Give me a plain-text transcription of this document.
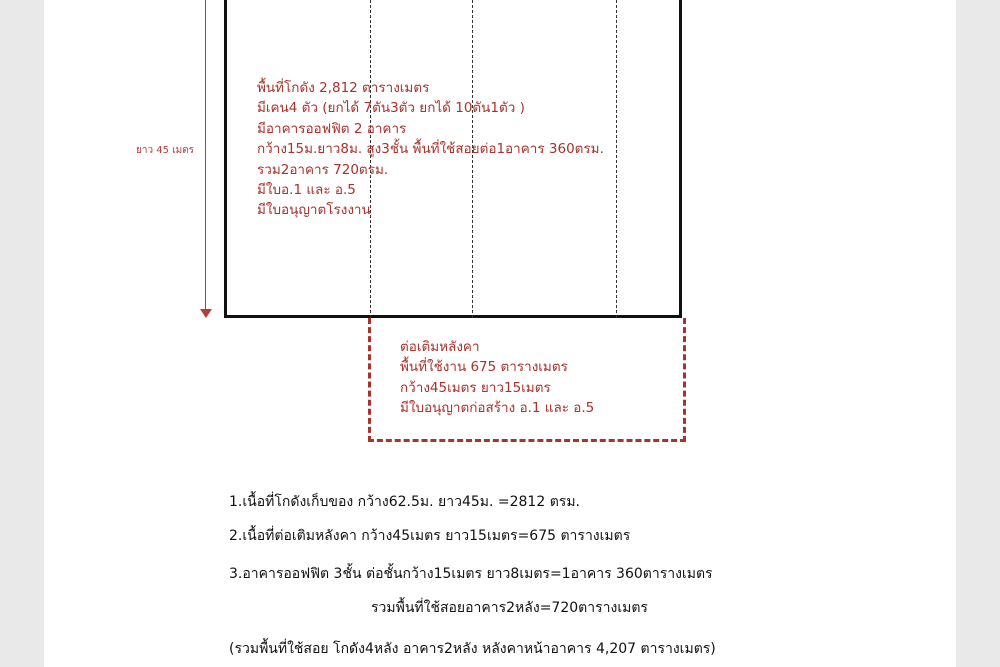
ยาว 45 เมตร
พื้นที่โกดัง 2,812 ตารางเมตร
มีเคน4 ตัว (ยกได้ 7ตัน3ตัว ยกได้ 10ตัน1ตัว )
มีอาคารออฟฟิต 2 อาคาร
กว้าง15ม.ยาว8ม. สูง3ชั้น พื้นที่ใช้สอยต่อ1อาคาร 360ตรม.
รวม2อาคาร 720ตรม.
มีใบอ.1 และ อ.5
มีใบอนุญาตโรงงาน
ต่อเติมหลังคา
พื้นที่ใช้งาน 675 ตารางเมตร
กว้าง45เมตร ยาว15เมตร
มีใบอนุญาตก่อสร้าง อ.1 และ อ.5
1.เนื้อที่โกดังเก็บของ กว้าง62.5ม. ยาว45ม. =2812 ตรม.
2.เนื้อที่ต่อเติมหลังคา กว้าง45เมตร ยาว15เมตร=675 ตารางเมตร
3.อาคารออฟฟิต 3ชั้น ต่อชั้นกว้าง15เมตร ยาว8เมตร=1อาคาร 360ตารางเมตร
รวมพื้นที่ใช้สอยอาคาร2หลัง=720ตารางเมตร
(รวมพื้นที่ใช้สอย โกดัง4หลัง อาคาร2หลัง หลังคาหน้าอาคาร 4,207 ตารางเมตร)
